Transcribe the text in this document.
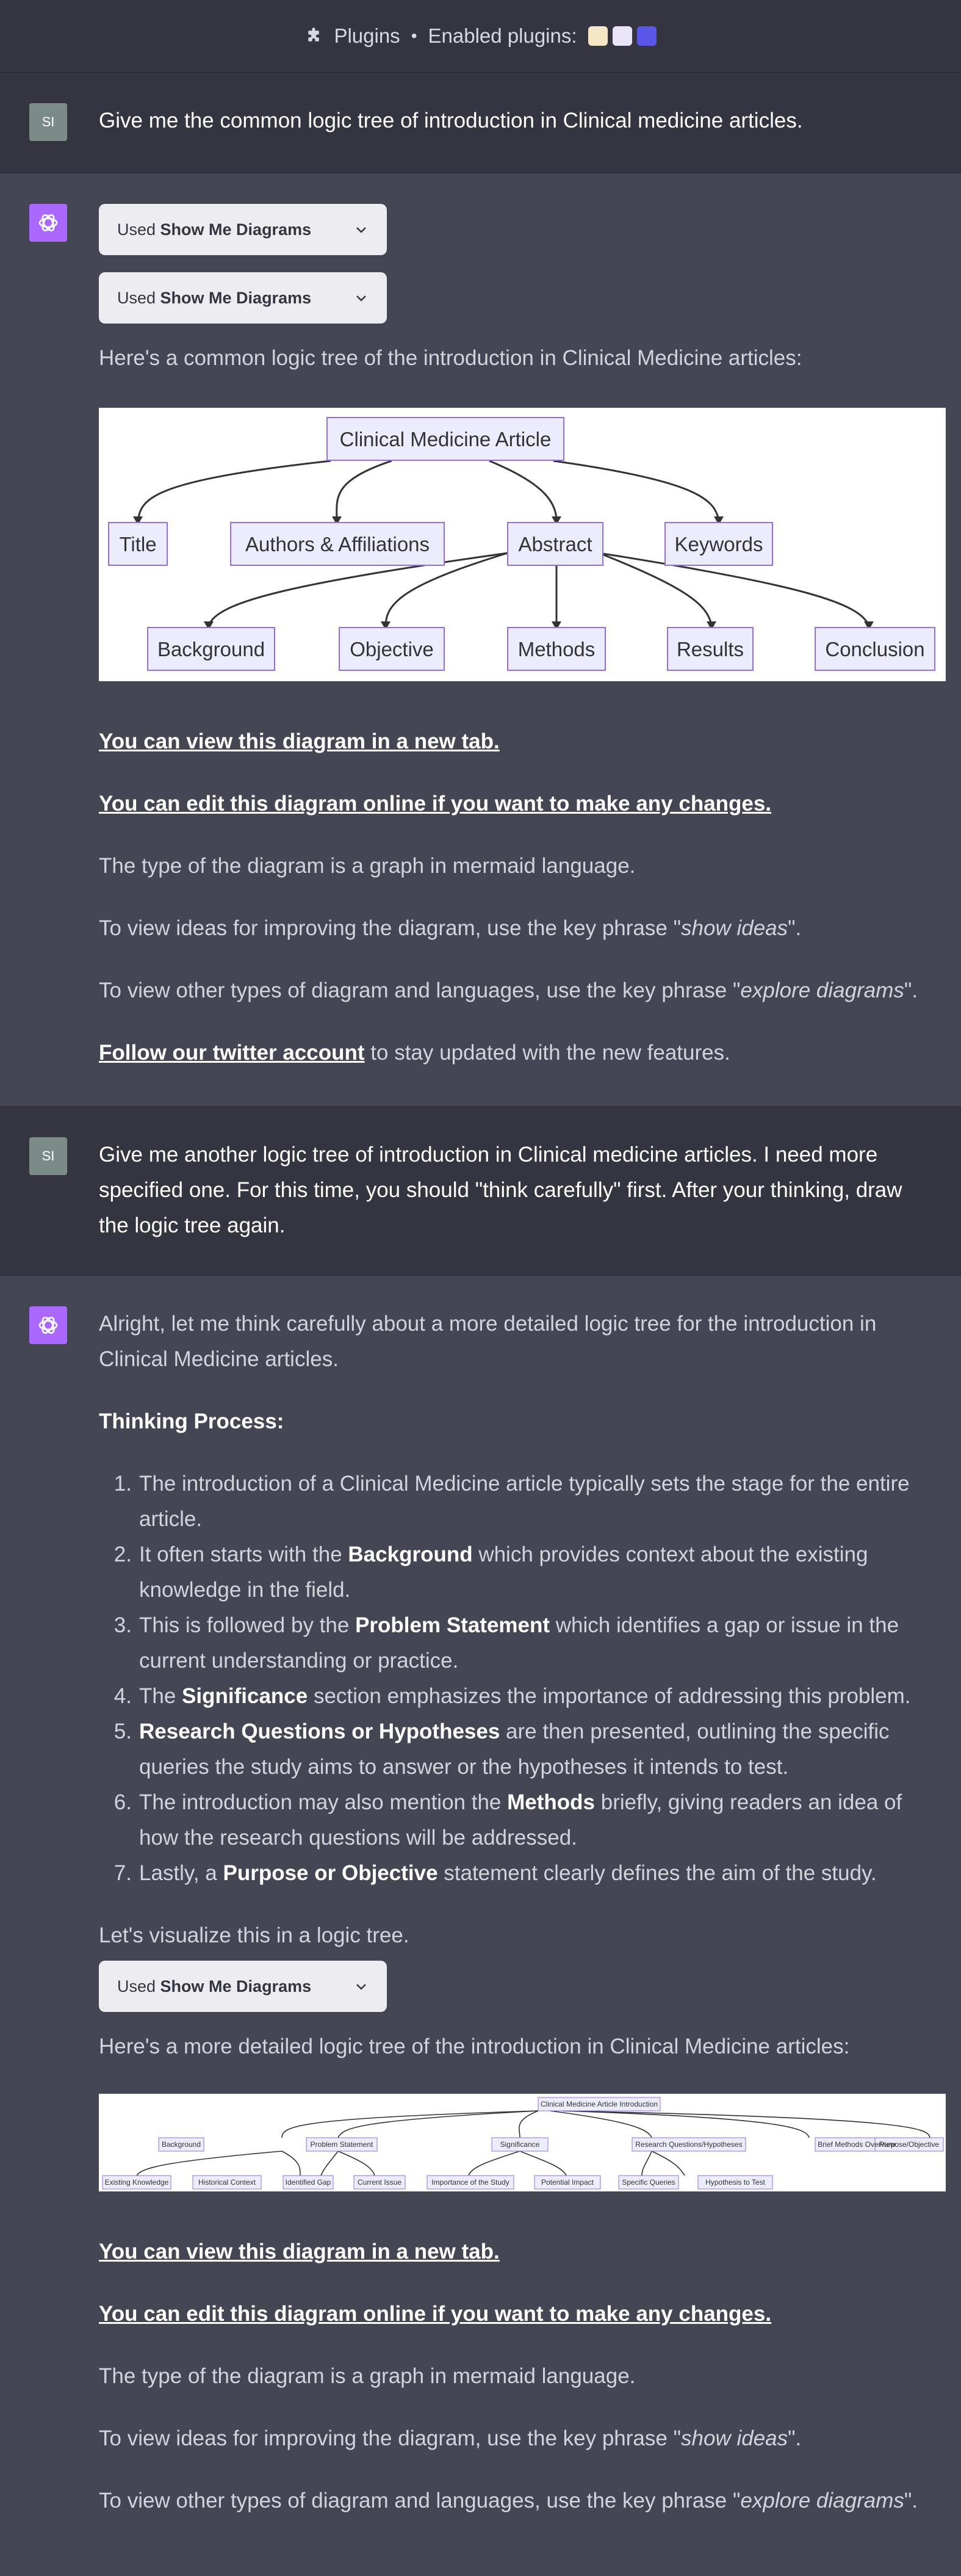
Plugins • Enabled plugins:
SI	Give me the common logic tree of introduction in Clinical medicine articles.
Used Show Me Diagrams
Used Show Me Diagrams
Here's a common logic tree of the introduction in Clinical Medicine articles:
Clinical Medicine Article
Title	Authors & Affiliations	Abstract	Keywords
Background	Objective	Methods	Results	Conclusion
You can view this diagram in a new tab.
You can edit this diagram online if you want to make any changes.
The type of the diagram is a graph in mermaid language.
To view ideas for improving the diagram, use the key phrase "show ideas".
To view other types of diagram and languages, use the key phrase "explore diagrams".
Follow our twitter account to stay updated with the new features.
SI	Give me another logic tree of introduction in Clinical medicine articles. I need more specified one. For this time, you should "think carefully" first. After your thinking, draw the logic tree again.
Alright, let me think carefully about a more detailed logic tree for the introduction in Clinical Medicine articles.
Thinking Process:
1. The introduction of a Clinical Medicine article typically sets the stage for the entire article.
2. It often starts with the Background which provides context about the existing knowledge in the field.
3. This is followed by the Problem Statement which identifies a gap or issue in the current understanding or practice.
4. The Significance section emphasizes the importance of addressing this problem.
5. Research Questions or Hypotheses are then presented, outlining the specific queries the study aims to answer or the hypotheses it intends to test.
6. The introduction may also mention the Methods briefly, giving readers an idea of how the research questions will be addressed.
7. Lastly, a Purpose or Objective statement clearly defines the aim of the study.
Let's visualize this in a logic tree.
Used Show Me Diagrams
Here's a more detailed logic tree of the introduction in Clinical Medicine articles:
Clinical Medicine Article Introduction
Background	Problem Statement	Significance	Research Questions/Hypotheses	Brief Methods Overview
Purpose/Objective
Existing Knowledge	Historical Context	Identified Gap	Current Issue	Importance of the Study	Potential Impact	Specific Queries	Hypothesis to Test
You can view this diagram in a new tab.
You can edit this diagram online if you want to make any changes.
The type of the diagram is a graph in mermaid language.
To view ideas for improving the diagram, use the key phrase "show ideas".
To view other types of diagram and languages, use the key phrase "explore diagrams".
